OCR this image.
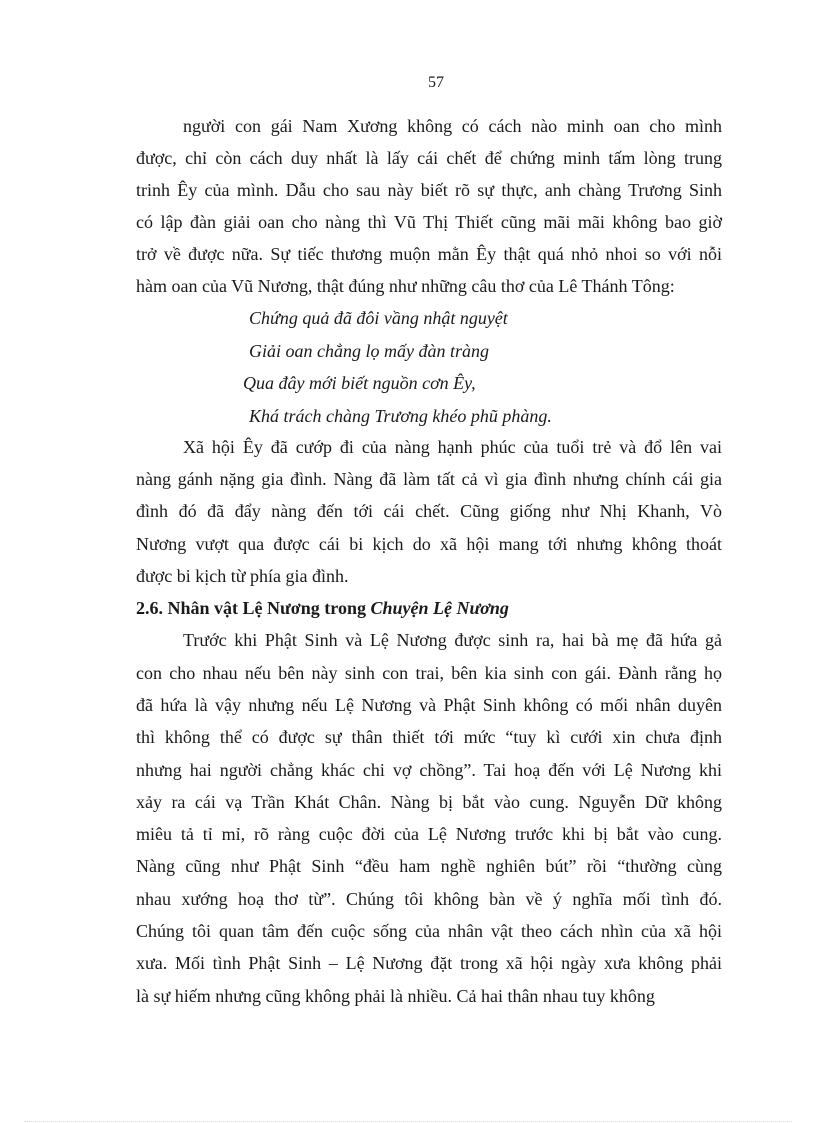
57
người con gái Nam Xương không có cách nào minh oan cho mình
được, chỉ còn cách duy nhất là lấy cái chết để chứng minh tấm lòng trung
trinh Êy của mình. Dẫu cho sau này biết rõ sự thực, anh chàng Trương Sinh
có lập đàn giải oan cho nàng thì Vũ Thị Thiết cũng mãi mãi không bao giờ
trở về được nữa. Sự tiếc thương muộn mằn Êy thật quá nhỏ nhoi so với nỗi
hàm oan của Vũ Nương, thật đúng như những câu thơ của Lê Thánh Tông:
Chứng quả đã đôi vầng nhật nguyệt
Giải oan chẳng lọ mấy đàn tràng
Qua đây mới biết nguồn cơn Êy,
Khá trách chàng Trương khéo phũ phàng.
Xã hội Êy đã cướp đi của nàng hạnh phúc của tuổi trẻ và đổ lên vai
nàng gánh nặng gia đình. Nàng đã làm tất cả vì gia đình nhưng chính cái gia
đình đó đã đẩy nàng đến tới cái chết. Cũng giống như Nhị Khanh, Vò
Nương vượt qua được cái bi kịch do xã hội mang tới nhưng không thoát
được bi kịch từ phía gia đình.
2.6. Nhân vật Lệ Nương trong Chuyện Lệ Nương
Trước khi Phật Sinh và Lệ Nương được sinh ra, hai bà mẹ đã hứa gả
con cho nhau nếu bên này sinh con trai, bên kia sinh con gái. Đành rằng họ
đã hứa là vậy nhưng nếu Lệ Nương và Phật Sinh không có mối nhân duyên
thì không thể có được sự thân thiết tới mức “tuy kì cưới xin chưa định
nhưng hai người chẳng khác chi vợ chồng”. Tai hoạ đến với Lệ Nương khi
xảy ra cái vạ Trần Khát Chân. Nàng bị bắt vào cung. Nguyễn Dữ không
miêu tả tỉ mỉ, rõ ràng cuộc đời của Lệ Nương trước khi bị bắt vào cung.
Nàng cũng như Phật Sinh “đều ham nghề nghiên bút” rồi “thường cùng
nhau xướng hoạ thơ từ”. Chúng tôi không bàn về ý nghĩa mối tình đó.
Chúng tôi quan tâm đến cuộc sống của nhân vật theo cách nhìn của xã hội
xưa. Mối tình Phật Sinh – Lệ Nương đặt trong xã hội ngày xưa không phải
là sự hiếm nhưng cũng không phải là nhiều. Cả hai thân nhau tuy không
